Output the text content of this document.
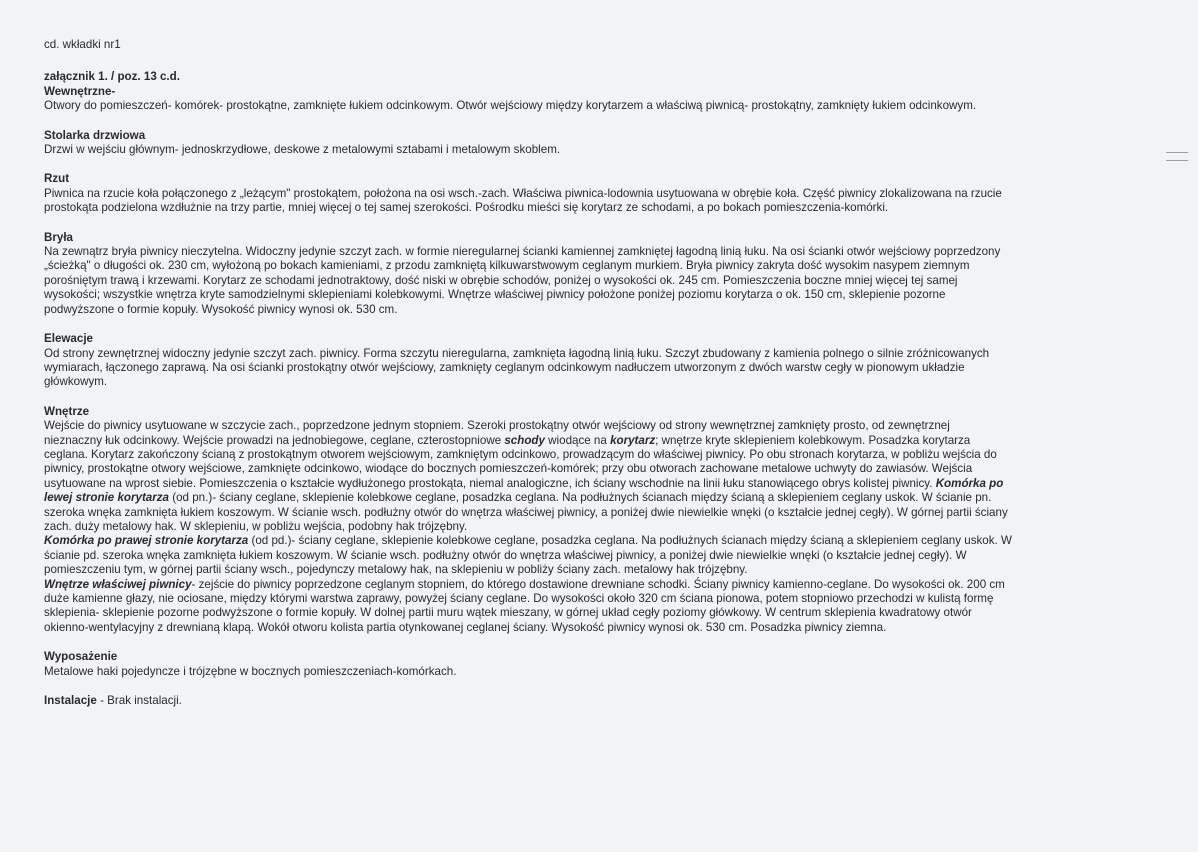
cd. wkładki nr1

załącznik 1. / poz. 13 c.d.
Wewnętrzne-

Otwory do pomieszczeń- komórek- prostokątne, zamknięte łukiem odcinkowym. Otwór wejściowy między korytarzem a właściwą piwnicą- prostokątny, zamknięty łukiem odcinkowym.

Stolarka drzwiowa

Drzwi w wejściu głównym- jednoskrzydłowe, deskowe z metalowymi sztabami i metalowym skoblem.

Rzut

Piwnica na rzucie koła połączonego z „leżącym" prostokątem, położona na osi wsch.-zach. Właściwa piwnica-lodownia usytuowana w obrębie koła. Część piwnicy zlokalizowana na rzucie

prostokąta podzielona wzdłużnie na trzy partie, mniej więcej o tej samej szerokości. Pośrodku mieści się korytarz ze schodami, a po bokach pomieszczenia-komórki.

Bryła

Na zewnątrz bryła piwnicy nieczytelna. Widoczny jedynie szczyt zach. w formie nieregularnej ścianki kamiennej zamkniętej łagodną linią łuku. Na osi ścianki otwór wejściowy poprzedzony

„ścieżką" o długości ok. 230 cm, wyłożoną po bokach kamieniami, z przodu zamkniętą kilkuwarstwowym ceglanym murkiem. Bryła piwnicy zakryta dość wysokim nasypem ziemnym

porośniętym trawą i krzewami. Korytarz ze schodami jednotraktowy, dość niski w obrębie schodów, poniżej o wysokości ok. 245 cm. Pomieszczenia boczne mniej więcej tej samej

wysokości; wszystkie wnętrza kryte samodzielnymi sklepieniami kolebkowymi. Wnętrze właściwej piwnicy położone poniżej poziomu korytarza o ok. 150 cm, sklepienie pozorne

podwyższone o formie kopuły. Wysokość piwnicy wynosi ok. 530 cm.

Elewacje

Od strony zewnętrznej widoczny jedynie szczyt zach. piwnicy. Forma szczytu nieregularna, zamknięta łagodną linią łuku. Szczyt zbudowany z kamienia polnego o silnie zróżnicowanych

wymiarach, łączonego zaprawą. Na osi ścianki prostokątny otwór wejściowy, zamknięty ceglanym odcinkowym nadłuczem utworzonym z dwóch warstw cegły w pionowym układzie

główkowym.

Wnętrze

Wejście do piwnicy usytuowane w szczycie zach., poprzedzone jednym stopniem. Szeroki prostokątny otwór wejściowy od strony wewnętrznej zamknięty prosto, od zewnętrznej

nieznaczny łuk odcinkowy. Wejście prowadzi na jednobiegowe, ceglane, czterostopniowe schody wiodące na korytarz; wnętrze kryte sklepieniem kolebkowym. Posadzka korytarza

ceglana. Korytarz zakończony ścianą z prostokątnym otworem wejściowym, zamkniętym odcinkowo, prowadzącym do właściwej piwnicy. Po obu stronach korytarza, w pobliżu wejścia do

piwnicy, prostokątne otwory wejściowe, zamknięte odcinkowo, wiodące do bocznych pomieszczeń-komórek; przy obu otworach zachowane metalowe uchwyty do zawiasów. Wejścia

usytuowane na wprost siebie. Pomieszczenia o kształcie wydłużonego prostokąta, niemal analogiczne, ich ściany wschodnie na linii łuku stanowiącego obrys kolistej piwnicy. Komórka po

lewej stronie korytarza (od pn.)- ściany ceglane, sklepienie kolebkowe ceglane, posadzka ceglana. Na podłużnych ścianach między ścianą a sklepieniem ceglany uskok. W ścianie pn.

szeroka wnęka zamknięta łukiem koszowym. W ścianie wsch. podłużny otwór do wnętrza właściwej piwnicy, a poniżej dwie niewielkie wnęki (o kształcie jednej cegły). W górnej partii ściany

zach. duży metalowy hak. W sklepieniu, w pobliżu wejścia, podobny hak trójzębny.

Komórka po prawej stronie korytarza (od pd.)- ściany ceglane, sklepienie kolebkowe ceglane, posadzka ceglana. Na podłużnych ścianach między ścianą a sklepieniem ceglany uskok. W

ścianie pd. szeroka wnęka zamknięta łukiem koszowym. W ścianie wsch. podłużny otwór do wnętrza właściwej piwnicy, a poniżej dwie niewielkie wnęki (o kształcie jednej cegły). W

pomieszczeniu tym, w górnej partii ściany wsch., pojedynczy metalowy hak, na sklepieniu w pobliży ściany zach. metalowy hak trójzębny.

Wnętrze właściwej piwnicy- zejście do piwnicy poprzedzone ceglanym stopniem, do którego dostawione drewniane schodki. Ściany piwnicy kamienno-ceglane. Do wysokości ok. 200 cm

duże kamienne głazy, nie ociosane, między którymi warstwa zaprawy, powyżej ściany ceglane. Do wysokości około 320 cm ściana pionowa, potem stopniowo przechodzi w kulistą formę

sklepienia- sklepienie pozorne podwyższone o formie kopuły. W dolnej partii muru wątek mieszany, w górnej układ cegły poziomy główkowy. W centrum sklepienia kwadratowy otwór

okienno-wentylacyjny z drewnianą klapą. Wokół otworu kolista partia otynkowanej ceglanej ściany. Wysokość piwnicy wynosi ok. 530 cm. Posadzka piwnicy ziemna.

Wyposażenie

Metalowe haki pojedyncze i trójzębne w bocznych pomieszczeniach-komórkach.

Instalacje - Brak instalacji.
